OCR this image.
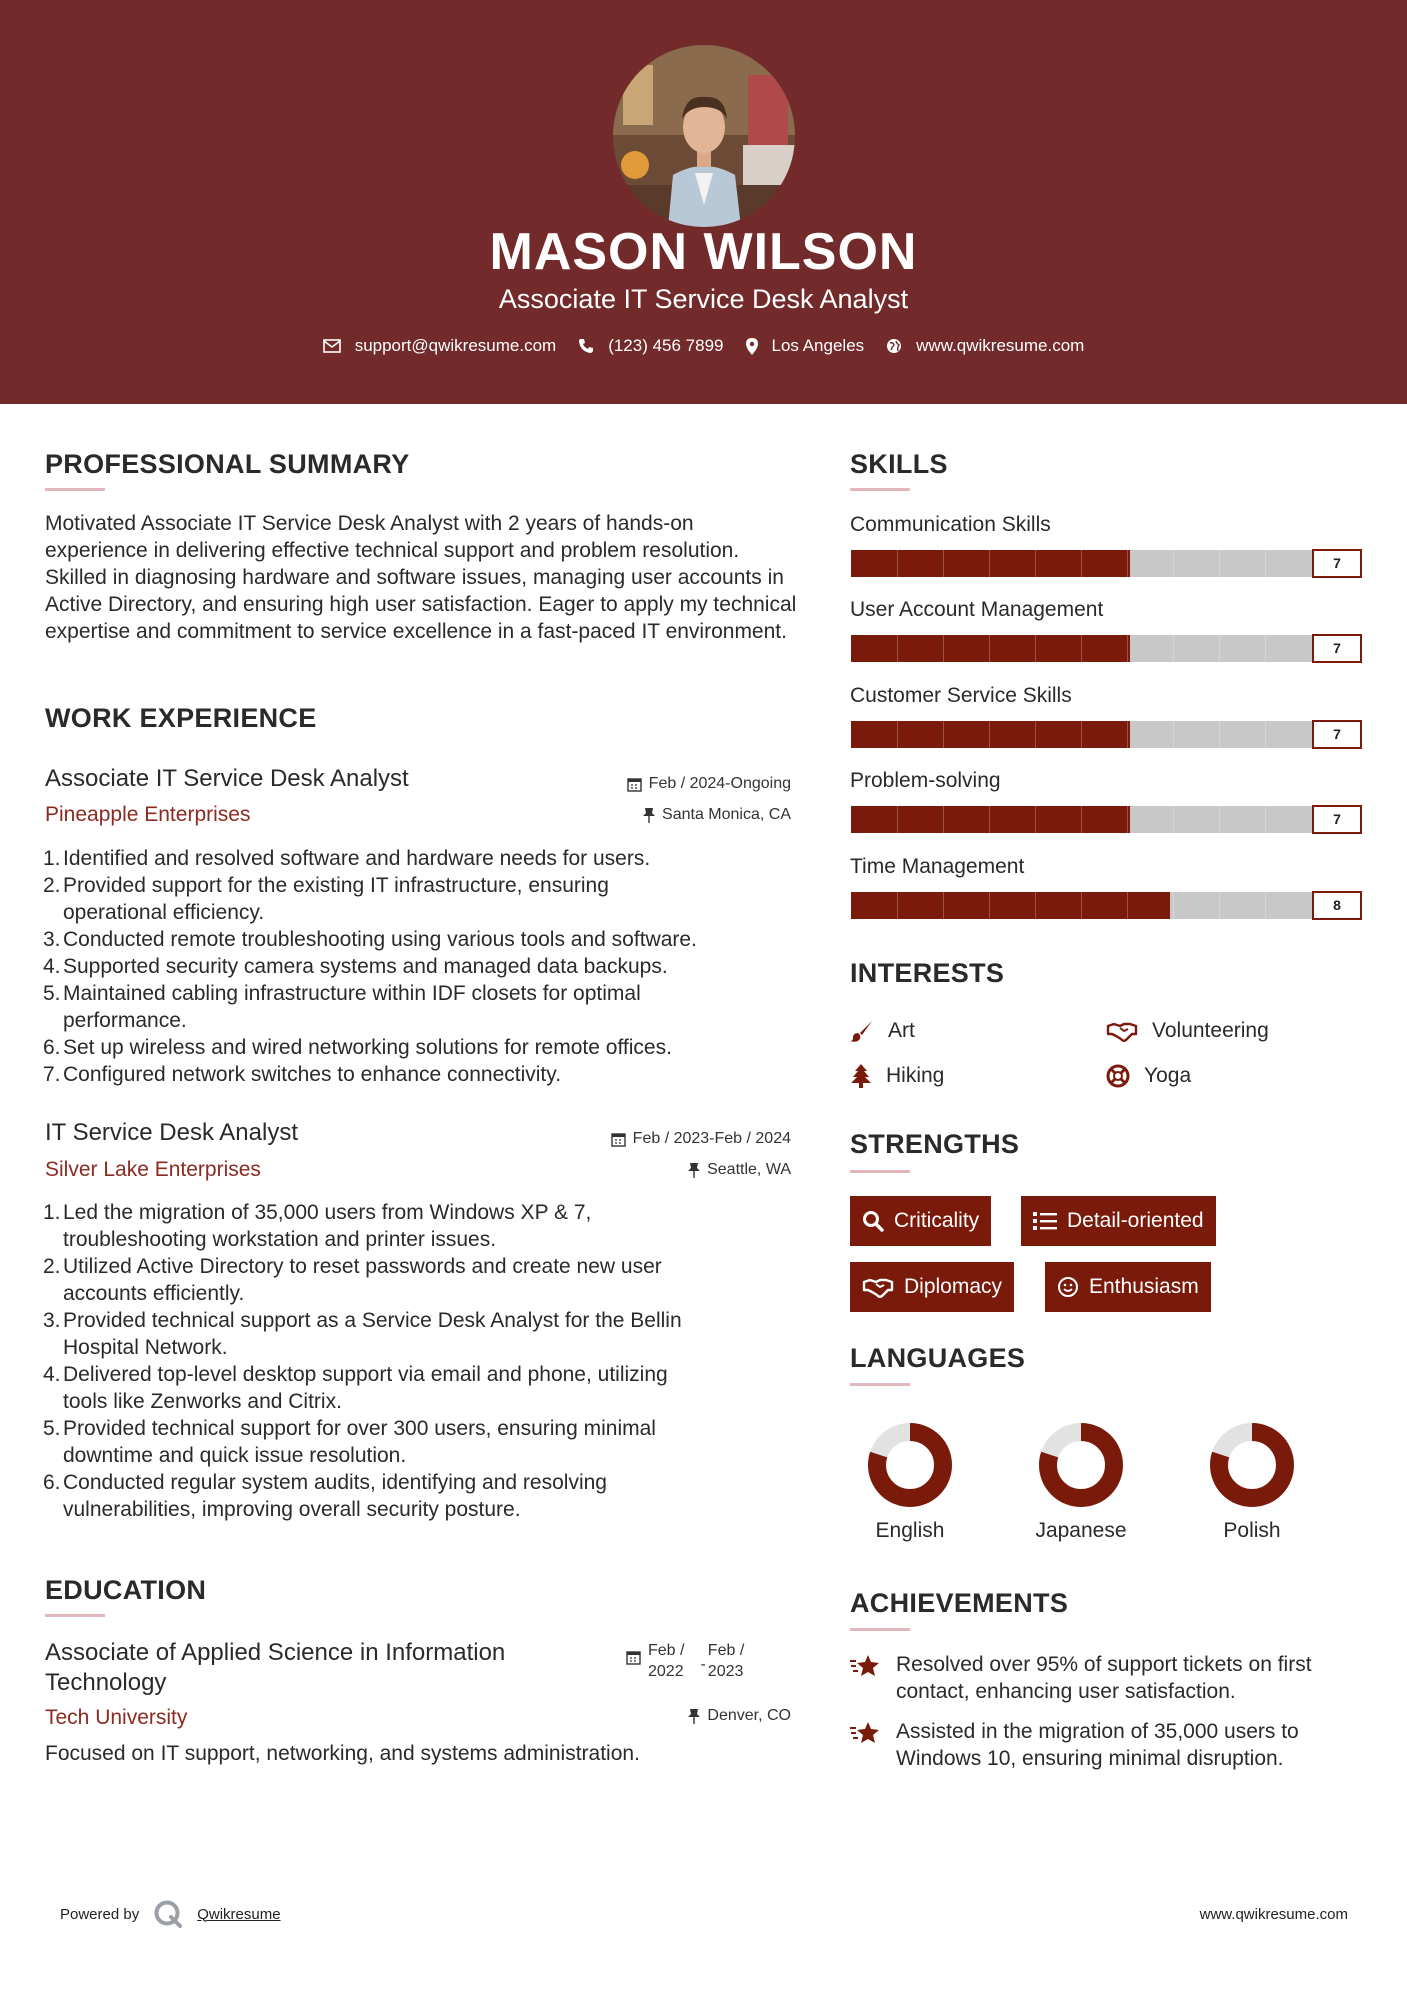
MASON WILSON
Associate IT Service Desk Analyst
support@qwikresume.com	(123) 456 7899	Los Angeles	www.qwikresume.com
PROFESSIONAL SUMMARY
Motivated Associate IT Service Desk Analyst with 2 years of hands-on experience in delivering effective technical support and problem resolution. Skilled in diagnosing hardware and software issues, managing user accounts in Active Directory, and ensuring high user satisfaction. Eager to apply my technical expertise and commitment to service excellence in a fast-paced IT environment.
WORK EXPERIENCE
Associate IT Service Desk Analyst	Feb / 2024-Ongoing
Pineapple Enterprises	Santa Monica, CA
1. Identified and resolved software and hardware needs for users.
2. Provided support for the existing IT infrastructure, ensuring
operational efficiency.
3. Conducted remote troubleshooting using various tools and software.
4. Supported security camera systems and managed data backups.
5. Maintained cabling infrastructure within IDF closets for optimal
performance.
6. Set up wireless and wired networking solutions for remote offices.
7. Configured network switches to enhance connectivity.
IT Service Desk Analyst	Feb / 2023-Feb / 2024
Silver Lake Enterprises	Seattle, WA
1. Led the migration of 35,000 users from Windows XP & 7,
troubleshooting workstation and printer issues.
2. Utilized Active Directory to reset passwords and create new user
accounts efficiently.
3. Provided technical support as a Service Desk Analyst for the Bellin
Hospital Network.
4. Delivered top-level desktop support via email and phone, utilizing
tools like Zenworks and Citrix.
5. Provided technical support for over 300 users, ensuring minimal
downtime and quick issue resolution.
6. Conducted regular system audits, identifying and resolving
vulnerabilities, improving overall security posture.
EDUCATION
Associate of Applied Science in Information
Technology
Feb /
2022 -
Feb /
2023
Tech University	Denver, CO
Focused on IT support, networking, and systems administration.
SKILLS
Communication Skills
7
User Account Management
7
Customer Service Skills
7
Problem-solving
7
Time Management
8
INTERESTS
Art	Volunteering
Hiking	Yoga
STRENGTHS
Criticality	Detail-oriented
Diplomacy	Enthusiasm
LANGUAGES
English	Japanese	Polish
ACHIEVEMENTS
Resolved over 95% of support tickets on first
contact, enhancing user satisfaction.
Assisted in the migration of 35,000 users to
Windows 10, ensuring minimal disruption.
Powered by	Qwikresume	www.qwikresume.com
